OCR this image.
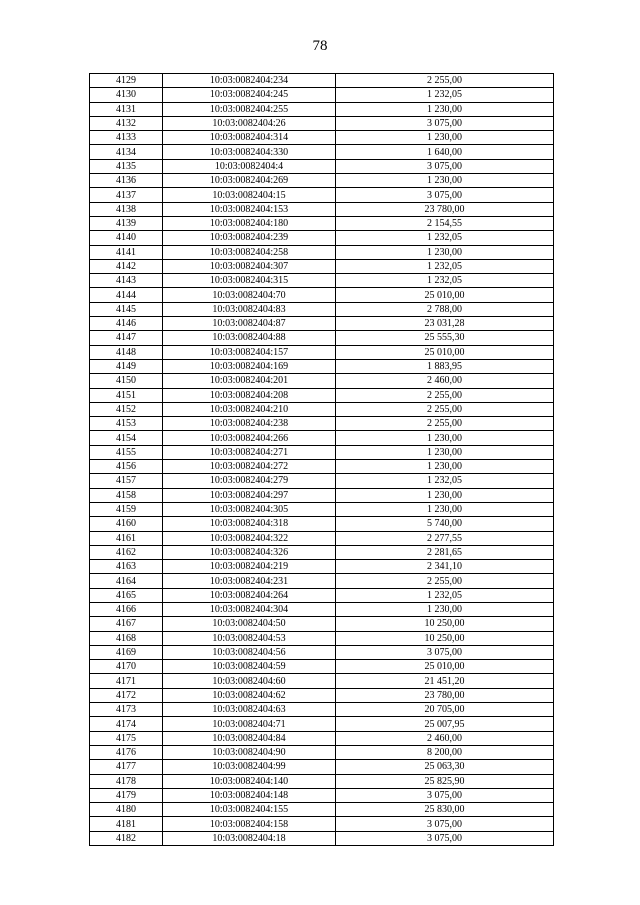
78
4129	10:03:0082404:234	2 255,00
4130	10:03:0082404:245	1 232,05
4131	10:03:0082404:255	1 230,00
4132	10:03:0082404:26	3 075,00
4133	10:03:0082404:314	1 230,00
4134	10:03:0082404:330	1 640,00
4135	10:03:0082404:4	3 075,00
4136	10:03:0082404:269	1 230,00
4137	10:03:0082404:15	3 075,00
4138	10:03:0082404:153	23 780,00
4139	10:03:0082404:180	2 154,55
4140	10:03:0082404:239	1 232,05
4141	10:03:0082404:258	1 230,00
4142	10:03:0082404:307	1 232,05
4143	10:03:0082404:315	1 232,05
4144	10:03:0082404:70	25 010,00
4145	10:03:0082404:83	2 788,00
4146	10:03:0082404:87	23 031,28
4147	10:03:0082404:88	25 555,30
4148	10:03:0082404:157	25 010,00
4149	10:03:0082404:169	1 883,95
4150	10:03:0082404:201	2 460,00
4151	10:03:0082404:208	2 255,00
4152	10:03:0082404:210	2 255,00
4153	10:03:0082404:238	2 255,00
4154	10:03:0082404:266	1 230,00
4155	10:03:0082404:271	1 230,00
4156	10:03:0082404:272	1 230,00
4157	10:03:0082404:279	1 232,05
4158	10:03:0082404:297	1 230,00
4159	10:03:0082404:305	1 230,00
4160	10:03:0082404:318	5 740,00
4161	10:03:0082404:322	2 277,55
4162	10:03:0082404:326	2 281,65
4163	10:03:0082404:219	2 341,10
4164	10:03:0082404:231	2 255,00
4165	10:03:0082404:264	1 232,05
4166	10:03:0082404:304	1 230,00
4167	10:03:0082404:50	10 250,00
4168	10:03:0082404:53	10 250,00
4169	10:03:0082404:56	3 075,00
4170	10:03:0082404:59	25 010,00
4171	10:03:0082404:60	21 451,20
4172	10:03:0082404:62	23 780,00
4173	10:03:0082404:63	20 705,00
4174	10:03:0082404:71	25 007,95
4175	10:03:0082404:84	2 460,00
4176	10:03:0082404:90	8 200,00
4177	10:03:0082404:99	25 063,30
4178	10:03:0082404:140	25 825,90
4179	10:03:0082404:148	3 075,00
4180	10:03:0082404:155	25 830,00
4181	10:03:0082404:158	3 075,00
4182	10:03:0082404:18	3 075,00
